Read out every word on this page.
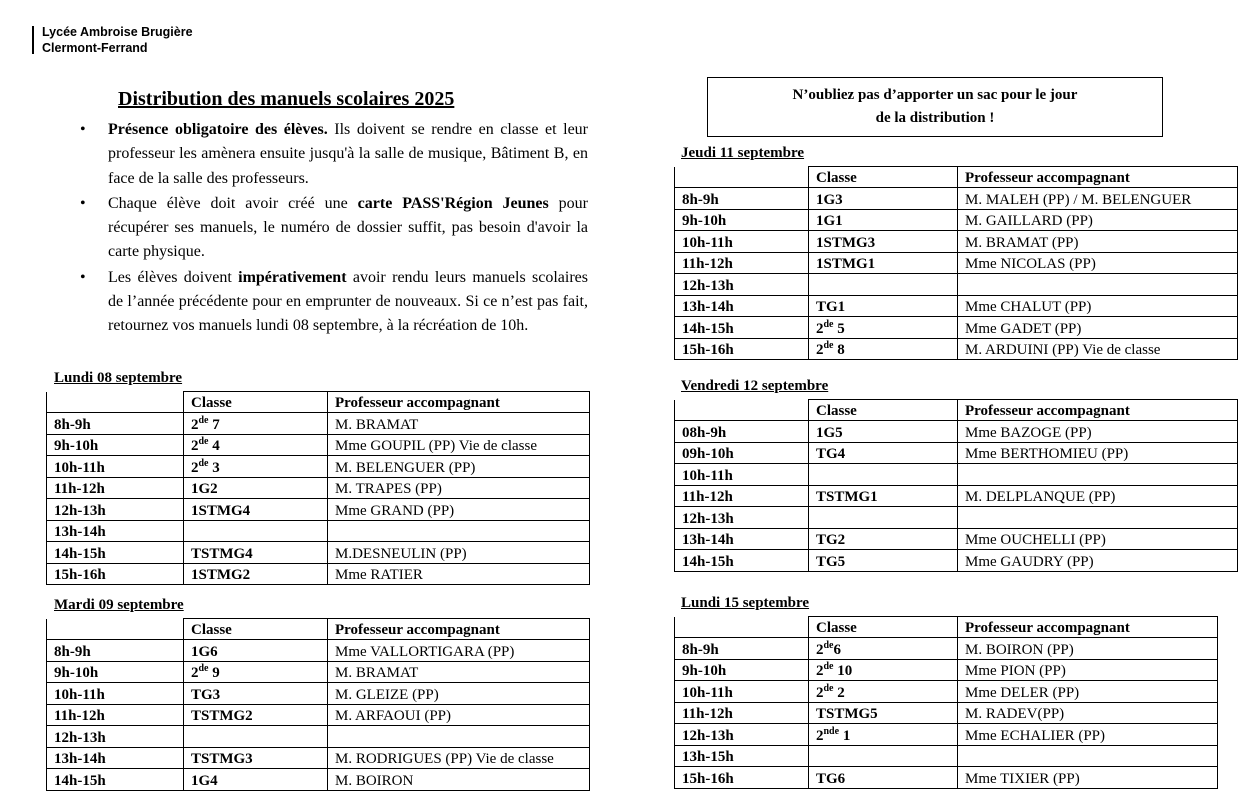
Lycée Ambroise Brugière
Clermont-Ferrand
Distribution des manuels scolaires 2025
• Présence obligatoire des élèves. Ils doivent se rendre en classe et leur professeur les amènera ensuite jusqu'à la salle de musique, Bâtiment B, en face de la salle des professeurs.
• Chaque élève doit avoir créé une carte PASS'Région Jeunes pour récupérer ses manuels, le numéro de dossier suffit, pas besoin d'avoir la carte physique.
• Les élèves doivent impérativement avoir rendu leurs manuels scolaires de l’année précédente pour en emprunter de nouveaux. Si ce n’est pas fait, retournez vos manuels lundi 08 septembre, à la récréation de 10h.
N’oubliez pas d’apporter un sac pour le jour
de la distribution !
Lundi 08 septembre
Mardi 09 septembre
Jeudi 11 septembre
Vendredi 12 septembre
Lundi 15 septembre
	Classe	Professeur accompagnant
8h-9h	2de 7	M. BRAMAT
9h-10h	2de 4	Mme GOUPIL (PP) Vie de classe
10h-11h	2de 3	M. BELENGUER (PP)
11h-12h	1G2	M. TRAPES (PP)
12h-13h	1STMG4	Mme GRAND (PP)
13h-14h		
14h-15h	TSTMG4	M.DESNEULIN (PP)
15h-16h	1STMG2	Mme RATIER
	Classe	Professeur accompagnant
8h-9h	1G6	Mme VALLORTIGARA (PP)
9h-10h	2de 9	M. BRAMAT
10h-11h	TG3	M. GLEIZE (PP)
11h-12h	TSTMG2	M. ARFAOUI (PP)
12h-13h		
13h-14h	TSTMG3	M. RODRIGUES (PP) Vie de classe
14h-15h	1G4	M. BOIRON
	Classe	Professeur accompagnant
8h-9h	1G3	M. MALEH (PP) / M. BELENGUER
9h-10h	1G1	M. GAILLARD (PP)
10h-11h	1STMG3	M. BRAMAT (PP)
11h-12h	1STMG1	Mme NICOLAS (PP)
12h-13h		
13h-14h	TG1	Mme CHALUT (PP)
14h-15h	2de 5	Mme GADET (PP)
15h-16h	2de 8	M. ARDUINI (PP) Vie de classe
	Classe	Professeur accompagnant
08h-9h	1G5	Mme BAZOGE (PP)
09h-10h	TG4	Mme BERTHOMIEU (PP)
10h-11h		
11h-12h	TSTMG1	M. DELPLANQUE (PP)
12h-13h		
13h-14h	TG2	Mme OUCHELLI (PP)
14h-15h	TG5	Mme GAUDRY (PP)
	Classe	Professeur accompagnant
8h-9h	2de6	M. BOIRON (PP)
9h-10h	2de 10	Mme PION (PP)
10h-11h	2de 2	Mme DELER (PP)
11h-12h	TSTMG5	M. RADEV(PP)
12h-13h	2nde 1	Mme ECHALIER (PP)
13h-15h		
15h-16h	TG6	Mme TIXIER (PP)
